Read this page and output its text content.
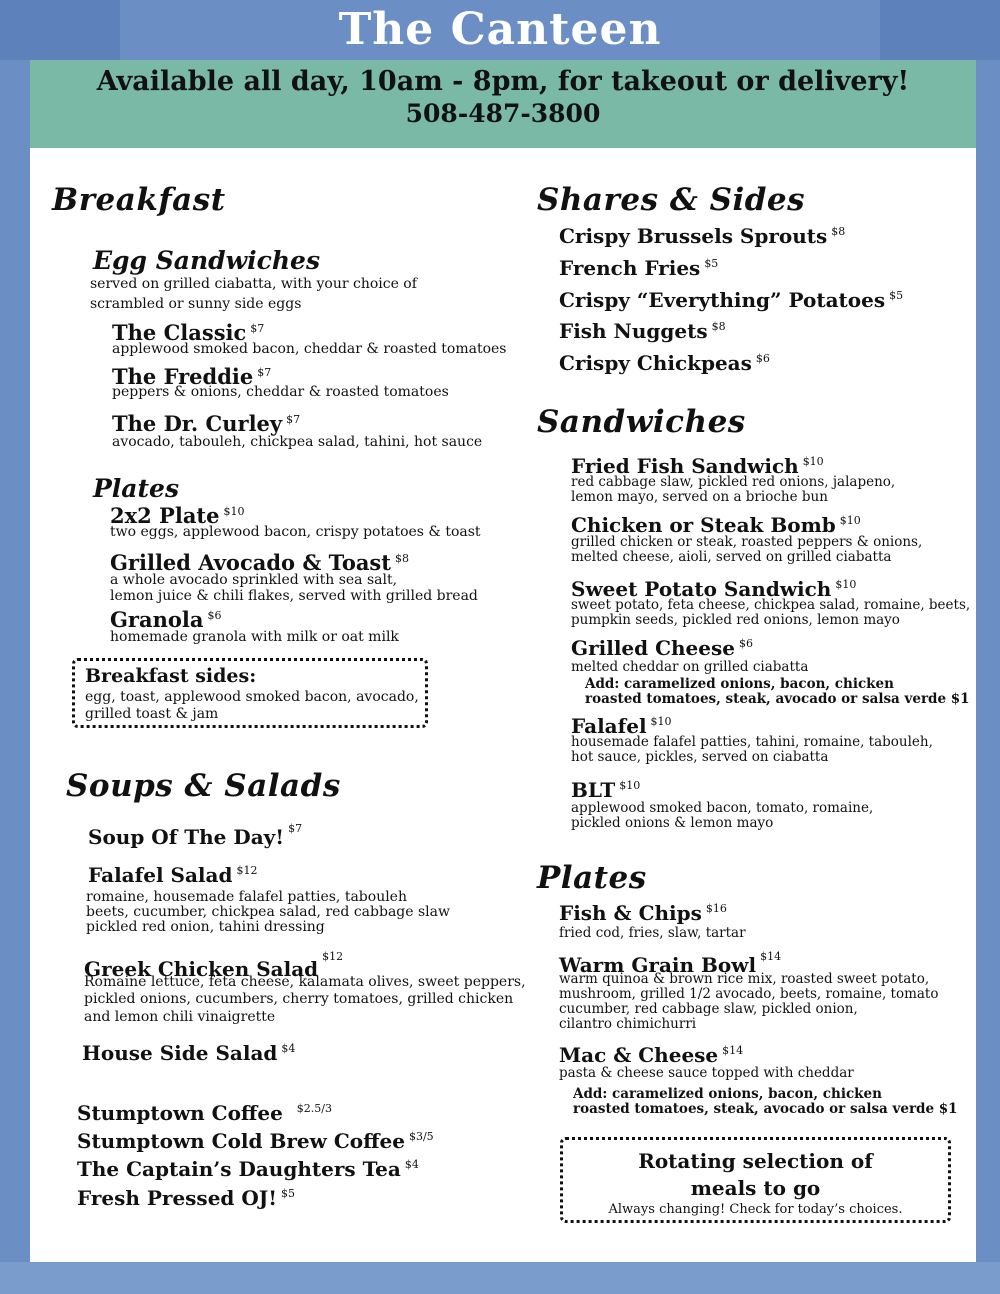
The Canteen
Available all day, 10am - 8pm, for takeout or delivery!
508-487-3800
Breakfast
Egg Sandwiches
served on grilled ciabatta, with your choice of
scrambled or sunny side eggs
The Classic $^{\$7}$
applewood smoked bacon, cheddar & roasted tomatoes
The Freddie $^{\$7}$
peppers & onions, cheddar & roasted tomatoes
The Dr. Curley $^{\$7}$
avocado, tabouleh, chickpea salad, tahini, hot sauce
Plates
2x2 Plate $^{\$10}$
two eggs, applewood bacon, crispy potatoes & toast
Grilled Avocado & Toast $^{\$8}$
a whole avocado sprinkled with sea salt,
lemon juice & chili flakes, served with grilled bread
Granola $^{\$6}$
homemade granola with milk or oat milk
Breakfast sides:
egg, toast, applewood smoked bacon, avocado,
grilled toast & jam
Soups & Salads
Soup Of The Day! $^{\$7}$
Falafel Salad $^{\$12}$
romaine, housemade falafel patties, tabouleh
beets, cucumber, chickpea salad, red cabbage slaw
pickled red onion, tahini dressing
Greek Chicken Salad$^{\$12}$
Romaine lettuce, feta cheese, kalamata olives, sweet peppers,
pickled onions, cucumbers, cherry tomatoes, grilled chicken
and lemon chili vinaigrette
House Side Salad $^{\$4}$
Stumptown Coffee $^{\$2.5/3}$
Stumptown Cold Brew Coffee $^{\$3/5}$
The Captain’s Daughters Tea $^{\$4}$
Fresh Pressed OJ! $^{\$5}$
Shares & Sides
Crispy Brussels Sprouts $^{\$8}$
French Fries $^{\$5}$
Crispy “Everything” Potatoes $^{\$5}$
Fish Nuggets $^{\$8}$
Crispy Chickpeas $^{\$6}$
Sandwiches
Fried Fish Sandwich $^{\$10}$
red cabbage slaw, pickled red onions, jalapeno,
lemon mayo, served on a brioche bun
Chicken or Steak Bomb $^{\$10}$
grilled chicken or steak, roasted peppers & onions,
melted cheese, aioli, served on grilled ciabatta
Sweet Potato Sandwich $^{\$10}$
sweet potato, feta cheese, chickpea salad, romaine, beets,
pumpkin seeds, pickled red onions, lemon mayo
Grilled Cheese $^{\$6}$
melted cheddar on grilled ciabatta
Add: caramelized onions, bacon, chicken
roasted tomatoes, steak, avocado or salsa verde $1
Falafel $^{\$10}$
housemade falafel patties, tahini, romaine, tabouleh,
hot sauce, pickles, served on ciabatta
BLT $^{\$10}$
applewood smoked bacon, tomato, romaine,
pickled onions & lemon mayo
Plates
Fish & Chips $^{\$16}$
fried cod, fries, slaw, tartar
Warm Grain Bowl $^{\$14}$
warm quinoa & brown rice mix, roasted sweet potato,
mushroom, grilled 1/2 avocado, beets, romaine, tomato
cucumber, red cabbage slaw, pickled onion,
cilantro chimichurri
Mac & Cheese $^{\$14}$
pasta & cheese sauce topped with cheddar
Add: caramelized onions, bacon, chicken
roasted tomatoes, steak, avocado or salsa verde $1
Rotating selection of
meals to go
Always changing! Check for today’s choices.
